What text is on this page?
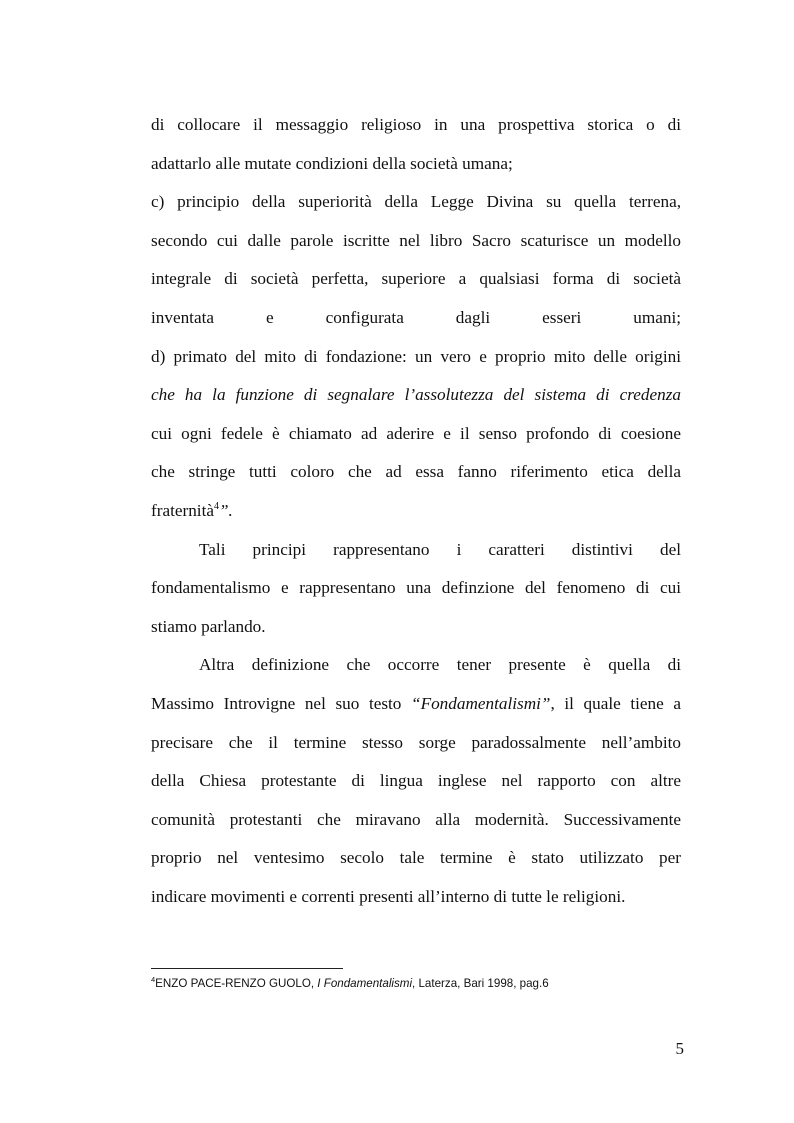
di collocare il messaggio religioso in una prospettiva storica o di
adattarlo alle mutate condizioni della società umana;
c) principio della superiorità della Legge Divina su quella terrena,
secondo cui dalle parole iscritte nel libro Sacro scaturisce un modello
integrale di società perfetta, superiore a qualsiasi forma di società
inventata e configurata dagli esseri umani;
d) primato del mito di fondazione: un vero e proprio mito delle origini
che ha la funzione di segnalare l’assolutezza del sistema di credenza
cui ogni fedele è chiamato ad aderire e il senso profondo di coesione
che stringe tutti coloro che ad essa fanno riferimento etica della
fraternità$^4$”.
Tali principi rappresentano i caratteri distintivi del
fondamentalismo e rappresentano una definzione del fenomeno di cui
stiamo parlando.
Altra definizione che occorre tener presente è quella di
Massimo Introvigne nel suo testo “Fondamentalismi”, il quale tiene a
precisare che il termine stesso sorge paradossalmente nell’ambito
della Chiesa protestante di lingua inglese nel rapporto con altre
comunità protestanti che miravano alla modernità. Successivamente
proprio nel ventesimo secolo tale termine è stato utilizzato per
indicare movimenti e correnti presenti all’interno di tutte le religioni.
$^4$ENZO PACE-RENZO GUOLO, I Fondamentalismi, Laterza, Bari 1998, pag.6
5
